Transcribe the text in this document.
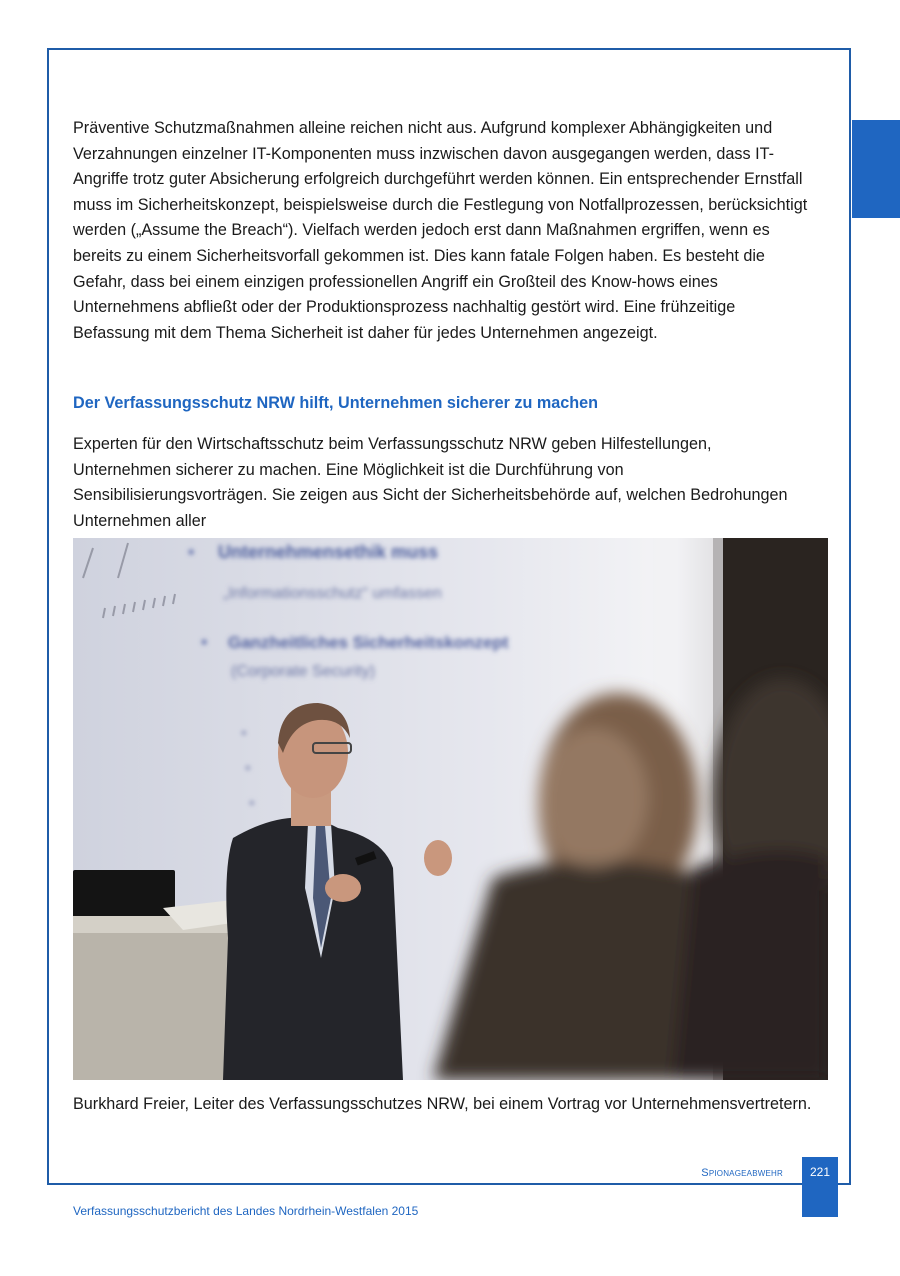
Präventive Schutzmaßnahmen alleine reichen nicht aus. Aufgrund komplexer Abhängigkeiten und Verzahnungen einzelner IT-Komponenten muss inzwischen davon ausgegangen werden, dass IT-Angriffe trotz guter Absicherung erfolgreich durchgeführt werden können. Ein entsprechender Ernstfall muss im Sicherheitskonzept, beispielsweise durch die Festlegung von Notfallprozessen, berücksichtigt werden („Assume the Breach“). Vielfach werden jedoch erst dann Maßnahmen ergriffen, wenn es bereits zu einem Sicherheitsvorfall gekommen ist. Dies kann fatale Folgen haben. Es besteht die Gefahr, dass bei einem einzigen professionellen Angriff ein Großteil des Know-hows eines Unternehmens abfließt oder der Produktionsprozess nachhaltig gestört wird. Eine frühzeitige Befassung mit dem Thema Sicherheit ist daher für jedes Unternehmen angezeigt.

Der Verfassungsschutz NRW hilft, Unternehmen sicherer zu machen

Experten für den Wirtschaftsschutz beim Verfassungsschutz NRW geben Hilfestellungen, Unternehmen sicherer zu machen. Eine Möglichkeit ist die Durchführung von Sensibilisierungsvorträgen. Sie zeigen aus Sicht der Sicherheitsbehörde auf, welchen Bedrohungen Unternehmen aller

• Unternehmensethik muss
„Informationsschutz“ umfassen
• Ganzheitliches Sicherheitskonzept
(Corporate Security)
•
•
•

Burkhard Freier, Leiter des Verfassungsschutzes NRW, bei einem Vortrag vor Unternehmensvertretern.

Spionageabwehr	221
Verfassungsschutzbericht des Landes Nordrhein-Westfalen 2015
